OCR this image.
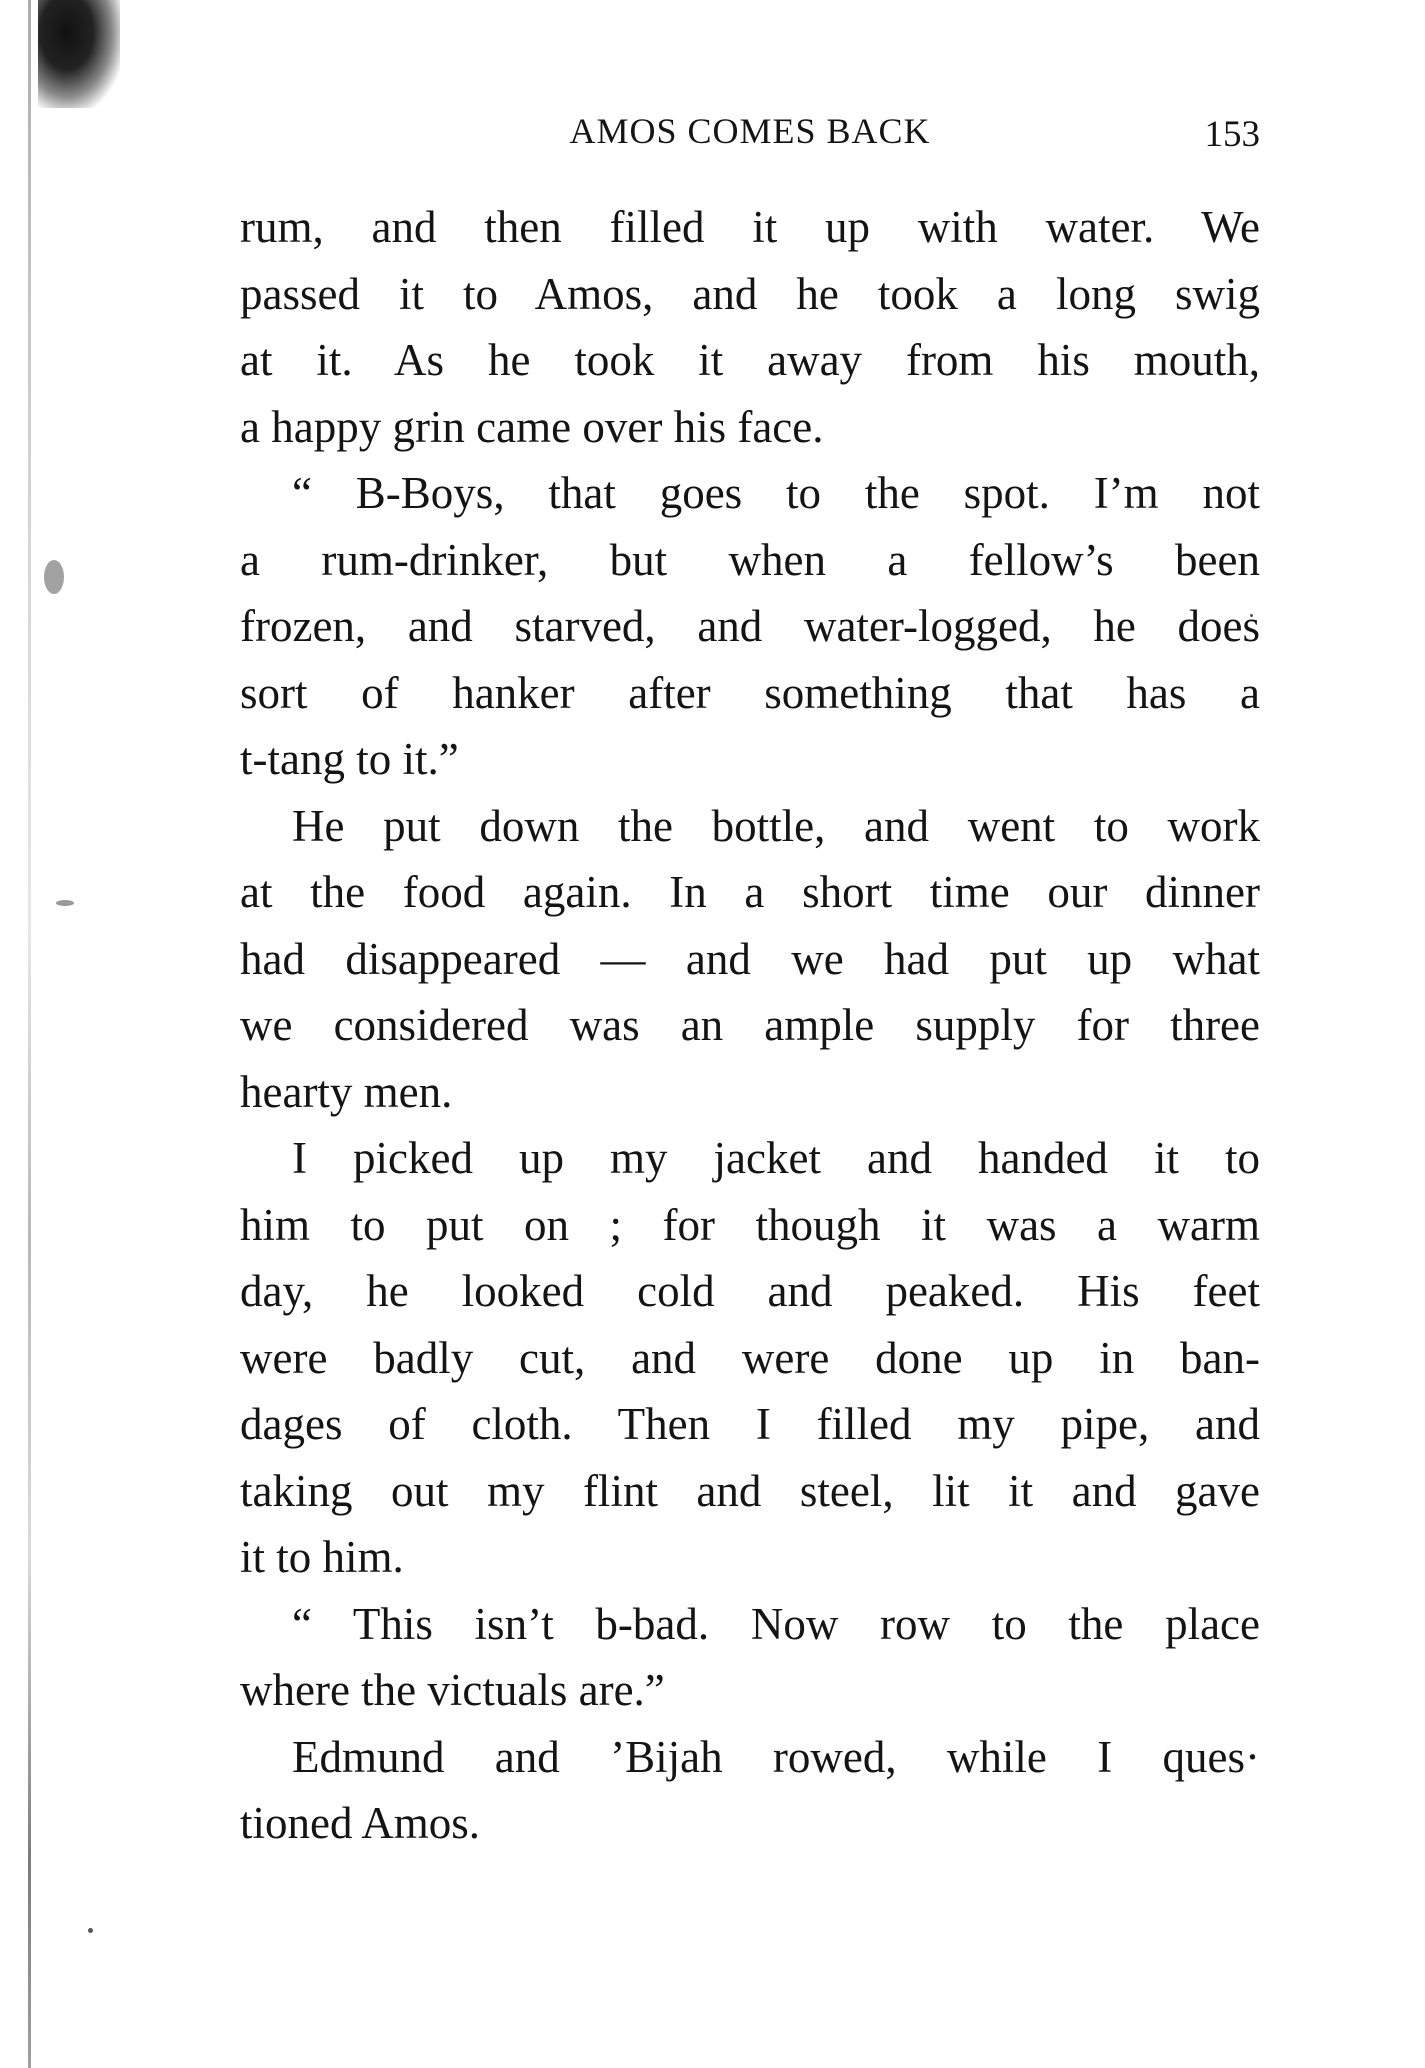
AMOS COMES BACK	153
rum, and then filled it up with water. We
passed it to Amos, and he took a long swig
at it. As he took it away from his mouth,
a happy grin came over his face.
“ B-Boys, that goes to the spot. I’m not
a rum-drinker, but when a fellow’s been
frozen, and starved, and water-logged, he does
sort of hanker after something that has a
t-tang to it.”
He put down the bottle, and went to work
at the food again. In a short time our dinner
had disappeared — and we had put up what
we considered was an ample supply for three
hearty men.
I picked up my jacket and handed it to
him to put on ; for though it was a warm
day, he looked cold and peaked. His feet
were badly cut, and were done up in ban-
dages of cloth. Then I filled my pipe, and
taking out my flint and steel, lit it and gave
it to him.
“ This isn’t b-bad. Now row to the place
where the victuals are.”
Edmund and ’Bijah rowed, while I ques·
tioned Amos.
